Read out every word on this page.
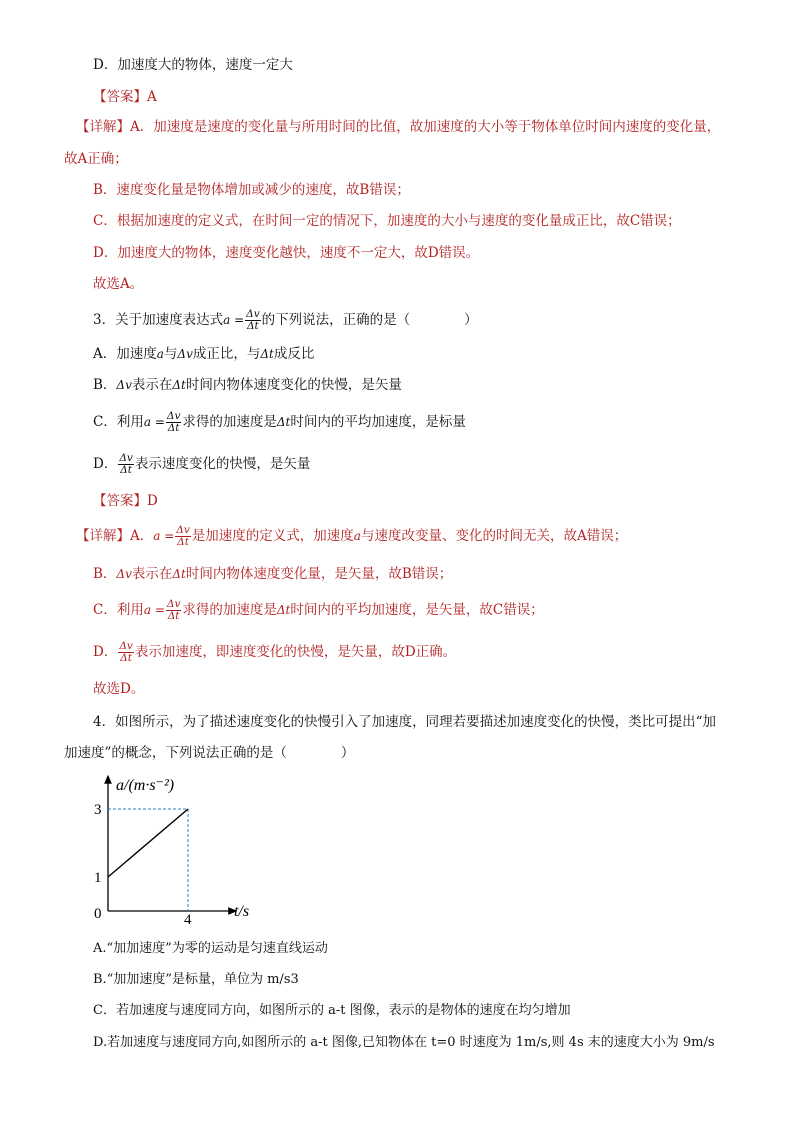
D．加速度大的物体，速度一定大
【答案】A
【详解】A．加速度是速度的变化量与所用时间的比值，故加速度的大小等于物体单位时间内速度的变化量，
故A正确；
B．速度变化量是物体增加或减少的速度，故B错误；
C．根据加速度的定义式，在时间一定的情况下，加速度的大小与速度的变化量成正比，故C错误；
D．加速度大的物体，速度变化越快，速度不一定大，故D错误。
故选A。
3．关于加速度表达式$a = \frac{\Delta v}{\Delta t}$ 的下列说法，正确的是（　　　　）
A．加速度a与Δv成正比，与Δt成反比
B．Δv表示在Δt时间内物体速度变化的快慢，是矢量
C．利用$a = \frac{\Delta v}{\Delta t}$ 求得的加速度是Δt时间内的平均加速度，是标量
D． $\frac{\Delta v}{\Delta t}$ 表示速度变化的快慢，是矢量
【答案】D
【详解】A．$a = \frac{\Delta v}{\Delta t}$ 是加速度的定义式，加速度a与速度改变量、变化的时间无关，故A错误；
B．Δv表示在Δt时间内物体速度变化量，是矢量，故B错误；
C．利用$a = \frac{\Delta v}{\Delta t}$ 求得的加速度是Δt时间内的平均加速度，是矢量，故C错误；
D． $\frac{\Delta v}{\Delta t}$ 表示加速度，即速度变化的快慢，是矢量，故D正确。
故选D。
4．如图所示，为了描述速度变化的快慢引入了加速度，同理若要描述加速度变化的快慢，类比可提出“加
加速度”的概念，下列说法正确的是（　　　　）
a/(m·s⁻²)
t/s
0
1
3
4
A.“加加速度”为零的运动是匀速直线运动
B.“加加速度”是标量，单位为 m/s3
C．若加速度与速度同方向，如图所示的 a-t 图像，表示的是物体的速度在均匀增加
D.若加速度与速度同方向,如图所示的 a-t 图像,已知物体在 t=0 时速度为 1m/s,则 4s 末的速度大小为 9m/s
